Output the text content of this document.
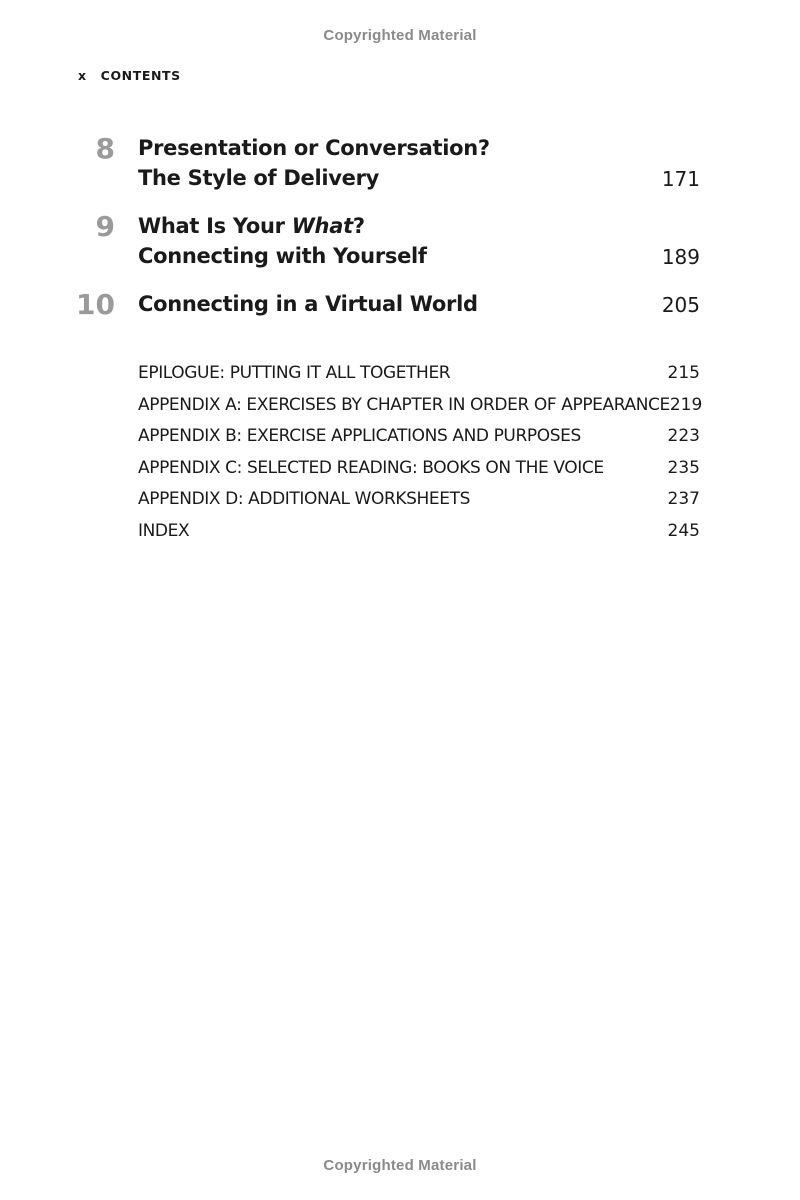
Copyrighted Material
x CONTENTS
8 Presentation or Conversation?
The Style of Delivery	171
9 What Is Your What?
Connecting with Yourself	189
10 Connecting in a Virtual World	205
EPILOGUE: PUTTING IT ALL TOGETHER	215
APPENDIX A: EXERCISES BY CHAPTER IN ORDER OF APPEARANCE 219
APPENDIX B: EXERCISE APPLICATIONS AND PURPOSES	223
APPENDIX C: SELECTED READING: BOOKS ON THE VOICE	235
APPENDIX D: ADDITIONAL WORKSHEETS	237
INDEX	245
Copyrighted Material
